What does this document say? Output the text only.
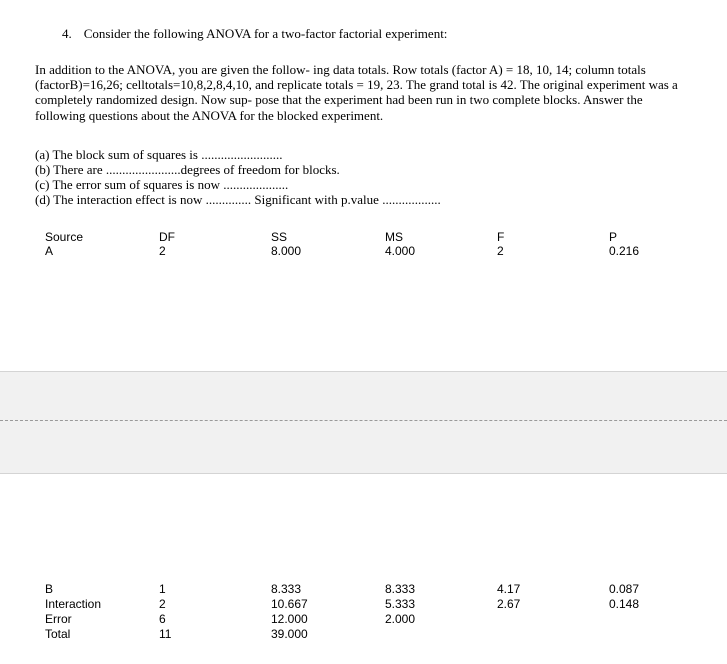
4. Consider the following ANOVA for a two-factor factorial experiment:
In addition to the ANOVA, you are given the follow- ing data totals. Row totals (factor A) = 18, 10, 14; column totals
(factorB)=16,26; celltotals=10,8,2,8,4,10, and replicate totals = 19, 23. The grand total is 42. The original experiment was a
completely randomized design. Now sup- pose that the experiment had been run in two complete blocks. Answer the
following questions about the ANOVA for the blocked experiment.
(a) The block sum of squares is .........................
(b) There are .......................degrees of freedom for blocks.
(c) The error sum of squares is now ....................
(d) The interaction effect is now .............. Significant with p.value ..................
Source	DF	SS	MS	F	P
A	2	8.000	4.000	2	0.216
B	1	8.333	8.333	4.17	0.087
Interaction	2	10.667	5.333	2.67	0.148
Error	6	12.000	2.000
Total	11	39.000
